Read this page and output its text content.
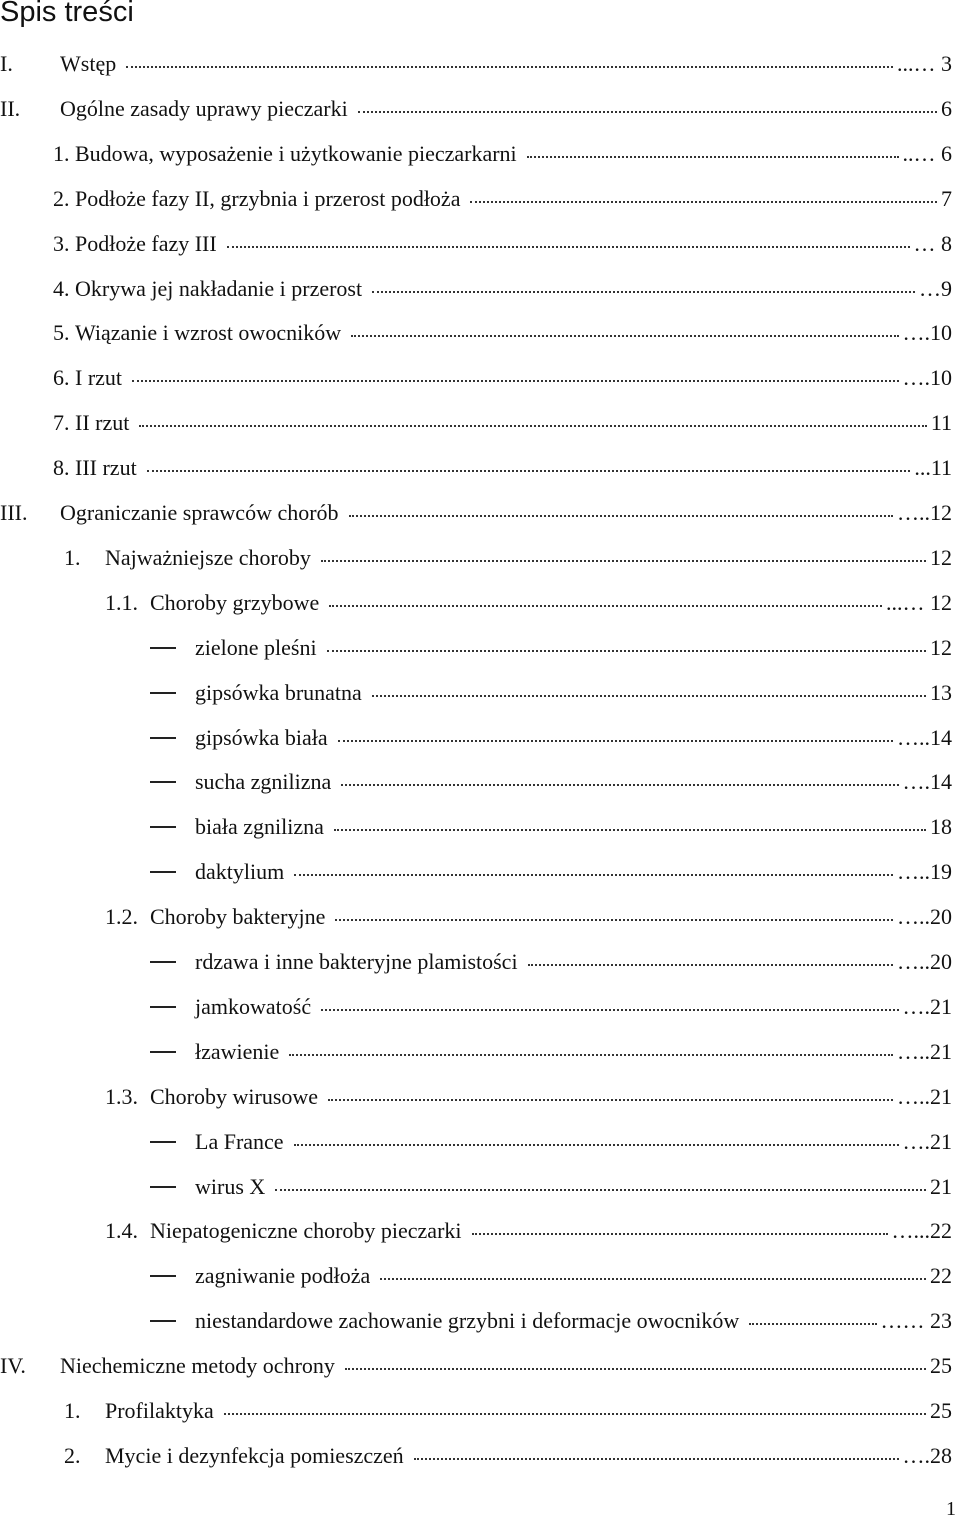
Spis treści
I. Wstęp	...… 3
II. Ogólne zasady uprawy pieczarki	6
1. Budowa, wyposażenie i użytkowanie pieczarkarni	..… 6
2. Podłoże fazy II, grzybnia i przerost podłoża	7
3. Podłoże fazy III	… 8
4. Okrywa jej nakładanie i przerost	…9
5. Wiązanie i wzrost owocników	….10
6. I rzut	….10
7. II rzut	11
8. III rzut	...11
III. Ograniczanie sprawców chorób	…..12
1. Najważniejsze choroby	12
1.1. Choroby grzybowe	...… 12
zielone pleśni	12
gipsówka brunatna	13
gipsówka biała	…..14
sucha zgnilizna	….14
biała zgnilizna	18
daktylium	…..19
1.2. Choroby bakteryjne	…..20
rdzawa i inne bakteryjne plamistości	…..20
jamkowatość	….21
łzawienie	…..21
1.3. Choroby wirusowe	…..21
La France	….21
wirus X	21
1.4. Niepatogeniczne choroby pieczarki	…...22
zagniwanie podłoża	22
niestandardowe zachowanie grzybni i deformacje owocników	…… 23
IV. Niechemiczne metody ochrony	25
1. Profilaktyka	25
2. Mycie i dezynfekcja pomieszczeń	….28
1
